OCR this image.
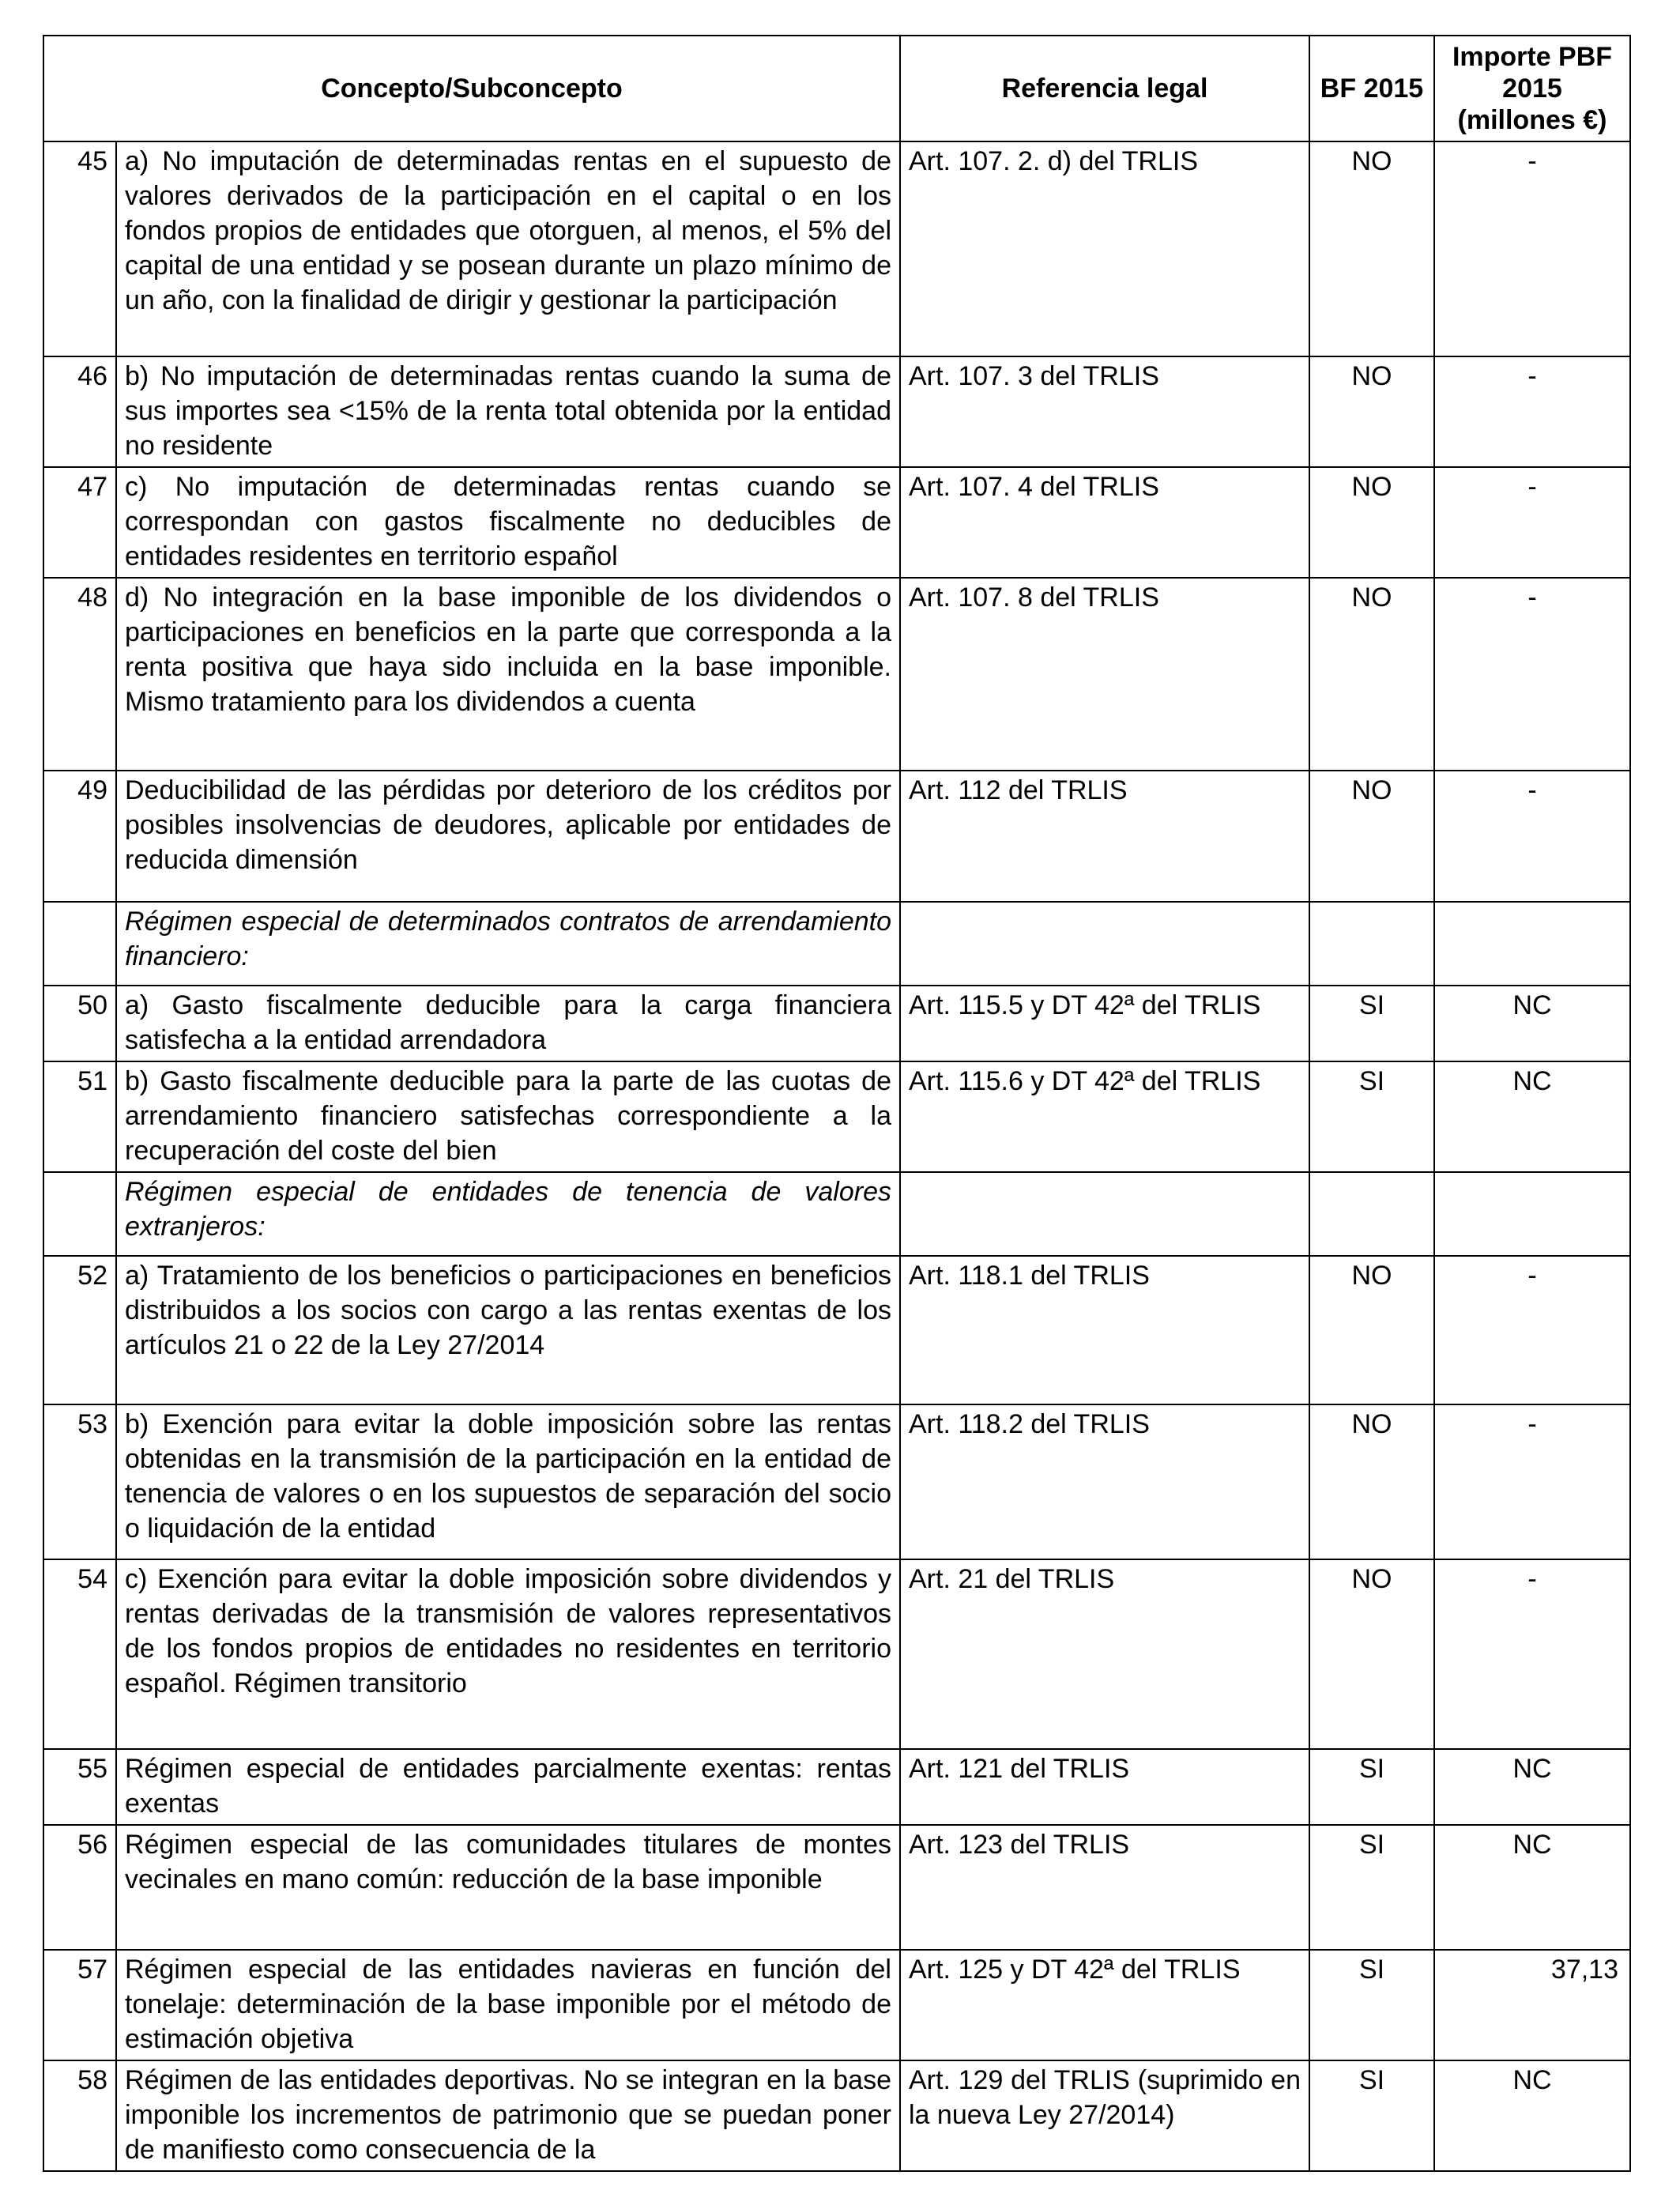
Concepto/Subconcepto		Referencia legal	BF 2015	Importe PBF 2015 (millones €)
45	a) No imputación de determinadas rentas en el supuesto de valores derivados de la participación en el capital o en los fondos propios de entidades que otorguen, al menos, el 5% del capital de una entidad y se posean durante un plazo mínimo de un año, con la finalidad de dirigir y gestionar la participación	Art. 107. 2. d) del TRLIS	NO	-
46	b) No imputación de determinadas rentas cuando la suma de sus importes sea <15% de la renta total obtenida por la entidad no residente	Art. 107. 3 del TRLIS	NO	-
47	c) No imputación de determinadas rentas cuando se correspondan con gastos fiscalmente no deducibles de entidades residentes en territorio español	Art. 107. 4 del TRLIS	NO	-
48	d) No integración en la base imponible de los dividendos o participaciones en beneficios en la parte que corresponda a la renta positiva que haya sido incluida en la base imponible. Mismo tratamiento para los dividendos a cuenta	Art. 107. 8 del TRLIS	NO	-
49	Deducibilidad de las pérdidas por deterioro de los créditos por posibles insolvencias de deudores, aplicable por entidades de reducida dimensión	Art. 112 del TRLIS	NO	-
	Régimen especial de determinados contratos de arrendamiento financiero:			
50	a) Gasto fiscalmente deducible para la carga financiera satisfecha a la entidad arrendadora	Art. 115.5 y DT 42ª del TRLIS	SI	NC
51	b) Gasto fiscalmente deducible para la parte de las cuotas de arrendamiento financiero satisfechas correspondiente a la recuperación del coste del bien	Art. 115.6 y DT 42ª del TRLIS	SI	NC
	Régimen especial de entidades de tenencia de valores extranjeros:			
52	a) Tratamiento de los beneficios o participaciones en beneficios distribuidos a los socios con cargo a las rentas exentas de los artículos 21 o 22 de la Ley 27/2014	Art. 118.1 del TRLIS	NO	-
53	b) Exención para evitar la doble imposición sobre las rentas obtenidas en la transmisión de la participación en la entidad de tenencia de valores o en los supuestos de separación del socio o liquidación de la entidad	Art. 118.2 del TRLIS	NO	-
54	c) Exención para evitar la doble imposición sobre dividendos y rentas derivadas de la transmisión de valores representativos de los fondos propios de entidades no residentes en territorio español. Régimen transitorio	Art. 21 del TRLIS	NO	-
55	Régimen especial de entidades parcialmente exentas: rentas exentas	Art. 121 del TRLIS	SI	NC
56	Régimen especial de las comunidades titulares de montes vecinales en mano común: reducción de la base imponible	Art. 123 del TRLIS	SI	NC
57	Régimen especial de las entidades navieras en función del tonelaje: determinación de la base imponible por el método de estimación objetiva	Art. 125 y DT 42ª del TRLIS	SI	37,13
58	Régimen de las entidades deportivas. No se integran en la base imponible los incrementos de patrimonio que se puedan poner de manifiesto como consecuencia de la	Art. 129 del TRLIS (suprimido en la nueva Ley 27/2014)	SI	NC
